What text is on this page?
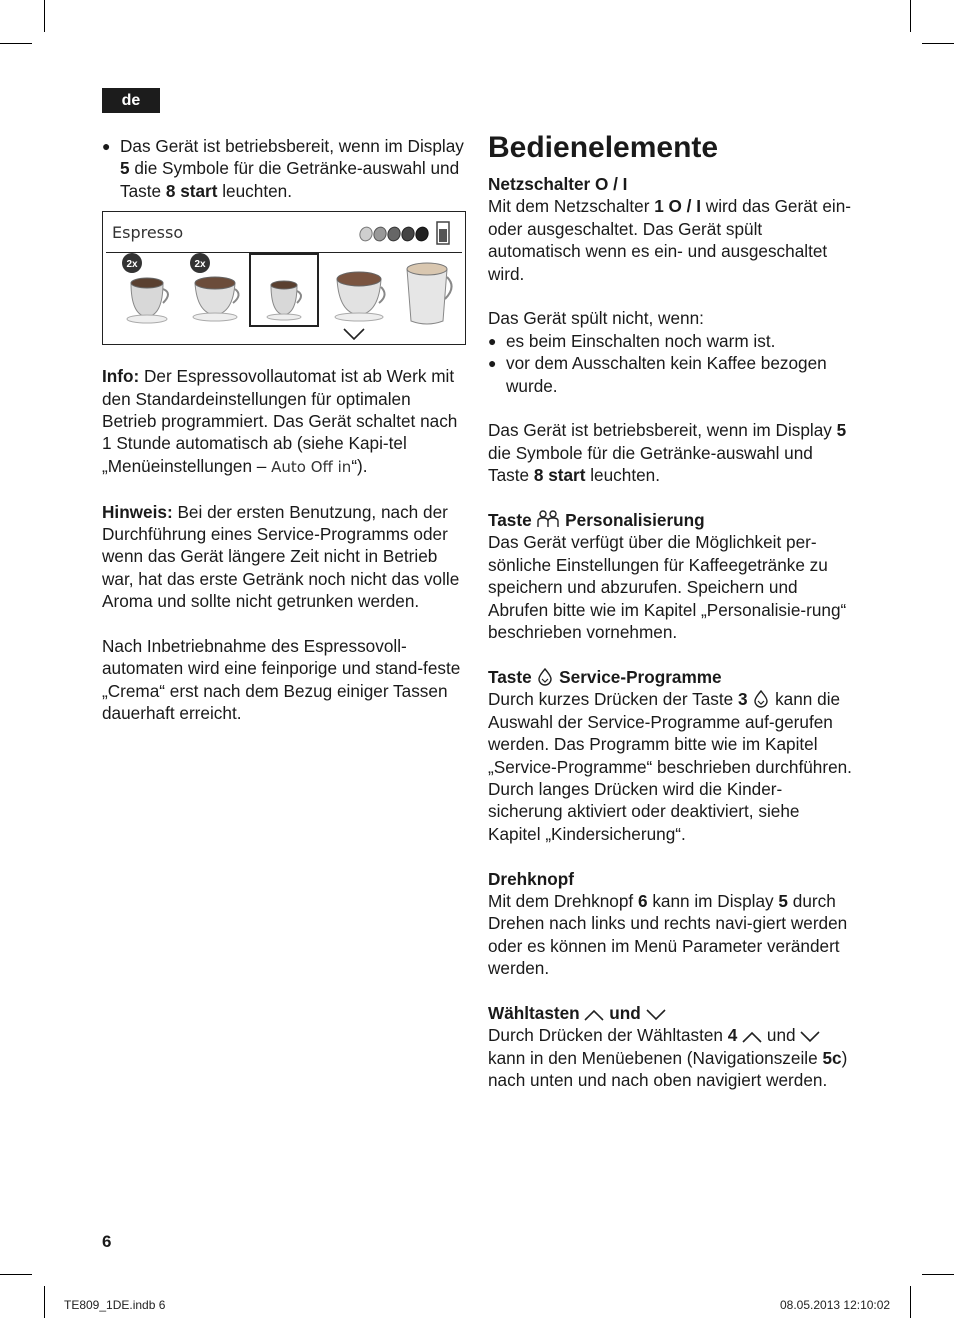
de

● Das Gerät ist betriebsbereit, wenn im Display 5 die Symbole für die Getränke-auswahl und Taste 8 start leuchten.

Espresso
2x	2x

Info: Der Espressovollautomat ist ab Werk mit den Standardeinstellungen für optimalen Betrieb programmiert. Das Gerät schaltet nach 1 Stunde automatisch ab (siehe Kapi-tel „Menüeinstellungen – Auto Off in“).

Hinweis: Bei der ersten Benutzung, nach der Durchführung eines Service-Programms oder wenn das Gerät längere Zeit nicht in Betrieb war, hat das erste Getränk noch nicht das volle Aroma und sollte nicht getrunken werden.

Nach Inbetriebnahme des Espressovoll-automaten wird eine feinporige und stand-feste „Crema“ erst nach dem Bezug einiger Tassen dauerhaft erreicht.

Bedienelemente

Netzschalter O / I

Mit dem Netzschalter 1 O / I wird das Gerät ein- oder ausgeschaltet. Das Gerät spült automatisch wenn es ein- und ausgeschaltet wird.

Das Gerät spült nicht, wenn:

● es beim Einschalten noch warm ist.

● vor dem Ausschalten kein Kaffee bezogen wurde.

Das Gerät ist betriebsbereit, wenn im Display 5 die Symbole für die Getränke-auswahl und Taste 8 start leuchten.

Taste  Personalisierung

Das Gerät verfügt über die Möglichkeit per-sönliche Einstellungen für Kaffeegetränke zu speichern und abzurufen. Speichern und Abrufen bitte wie im Kapitel „Personalisie-rung“ beschrieben vornehmen.

Taste  Service-Programme

Durch kurzes Drücken der Taste 3  kann die Auswahl der Service-Programme auf-gerufen werden. Das Programm bitte wie im Kapitel „Service-Programme“ beschrieben durchführen.

Durch langes Drücken wird die Kinder-sicherung aktiviert oder deaktiviert, siehe Kapitel „Kindersicherung“.

Drehknopf

Mit dem Drehknopf 6 kann im Display 5 durch Drehen nach links und rechts navi-giert werden oder es können im Menü Parameter verändert werden.

Wähltasten  und

Durch Drücken der Wähltasten 4  und  kann in den Menüebenen (Navigationszeile 5c) nach unten und nach oben navigiert werden.

6
TE809_1DE.indb 6	08.05.2013 12:10:02
